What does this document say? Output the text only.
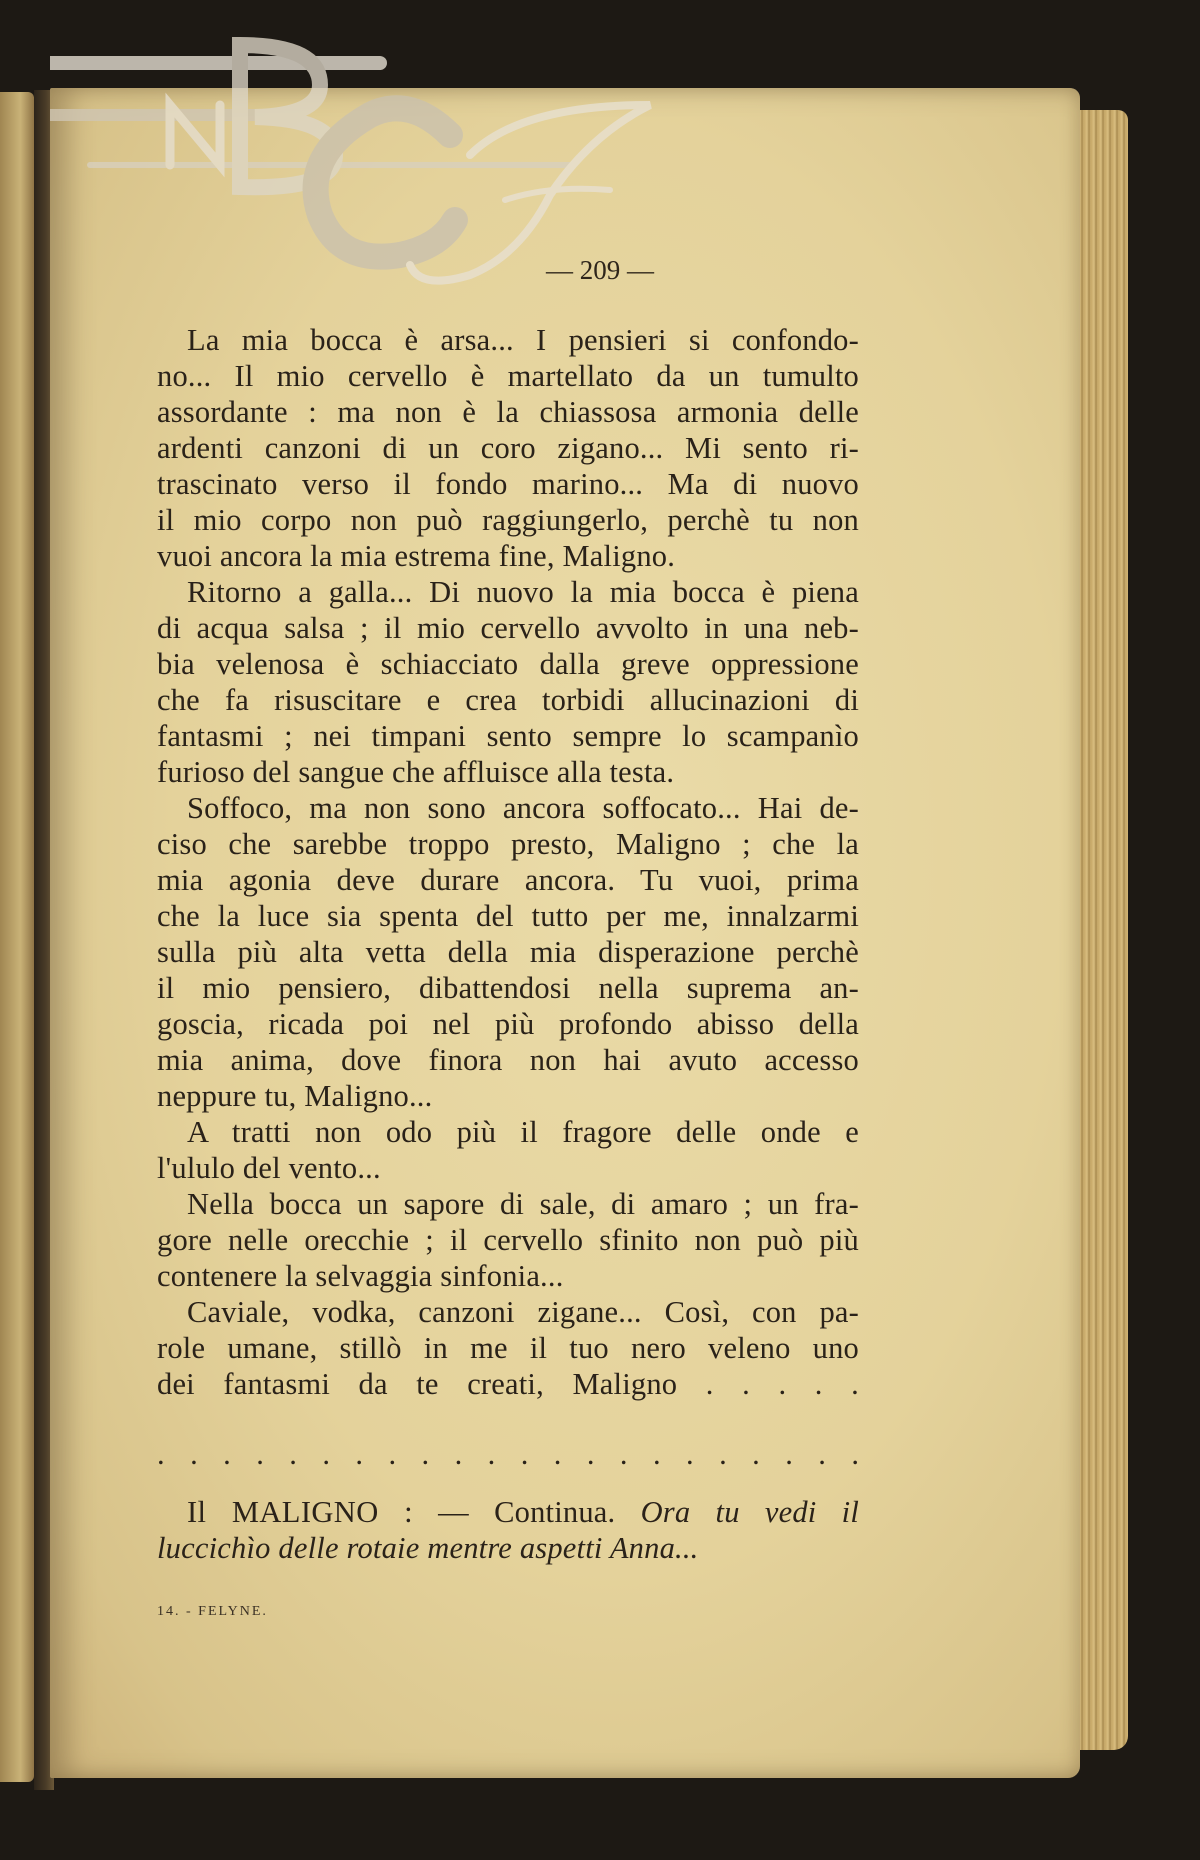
— 209 —
La mia bocca è arsa... I pensieri si confondo-
no... Il mio cervello è martellato da un tumulto
assordante : ma non è la chiassosa armonia delle
ardenti canzoni di un coro zigano... Mi sento ri-
trascinato verso il fondo marino... Ma di nuovo
il mio corpo non può raggiungerlo, perchè tu non
vuoi ancora la mia estrema fine, Maligno.
Ritorno a galla... Di nuovo la mia bocca è piena
di acqua salsa ; il mio cervello avvolto in una neb-
bia velenosa è schiacciato dalla greve oppressione
che fa risuscitare e crea torbidi allucinazioni di
fantasmi ; nei timpani sento sempre lo scampanìo
furioso del sangue che affluisce alla testa.
Soffoco, ma non sono ancora soffocato... Hai de-
ciso che sarebbe troppo presto, Maligno ; che la
mia agonia deve durare ancora. Tu vuoi, prima
che la luce sia spenta del tutto per me, innalzarmi
sulla più alta vetta della mia disperazione perchè
il mio pensiero, dibattendosi nella suprema an-
goscia, ricada poi nel più profondo abisso della
mia anima, dove finora non hai avuto accesso
neppure tu, Maligno...
A tratti non odo più il fragore delle onde e
l'ululo del vento...
Nella bocca un sapore di sale, di amaro ; un fra-
gore nelle orecchie ; il cervello sfinito non può più
contenere la selvaggia sinfonia...
Caviale, vodka, canzoni zigane... Così, con pa-
role umane, stillò in me il tuo nero veleno uno
dei fantasmi da te creati, Maligno . . . . .
. . . . . . . . . . . . . . . . . . . . . .
Il MALIGNO : — Continua. Ora tu vedi il
luccichìo delle rotaie mentre aspetti Anna...
14. - FELYNE.
